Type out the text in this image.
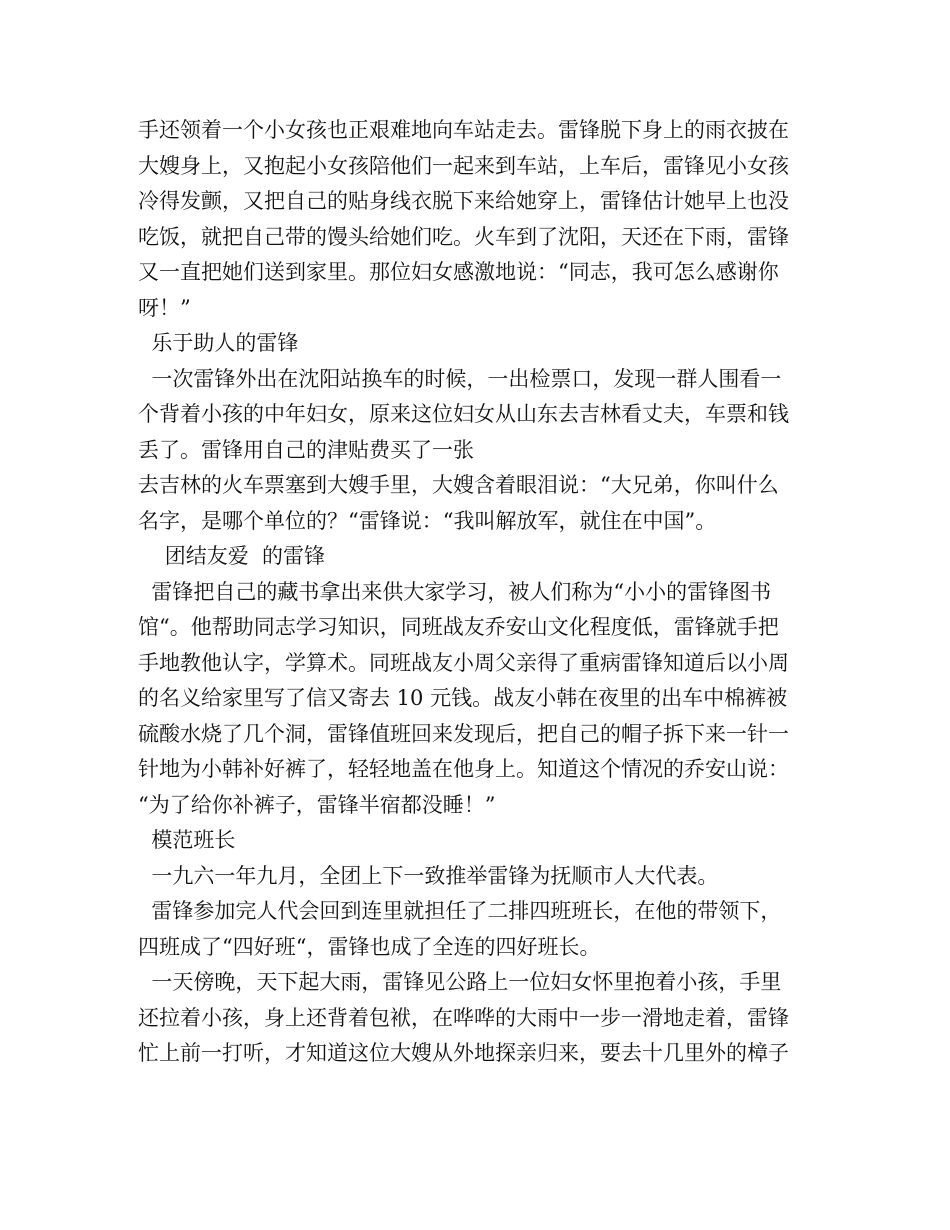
手还领着一个小女孩也正艰难地向车站走去。雷锋脱下身上的雨衣披在
大嫂身上，又抱起小女孩陪他们一起来到车站，上车后，雷锋见小女孩
冷得发颤，又把自己的贴身线衣脱下来给她穿上，雷锋估计她早上也没
吃饭，就把自己带的馒头给她们吃。火车到了沈阳，天还在下雨，雷锋
又一直把她们送到家里。那位妇女感激地说：“同志，我可怎么感谢你
呀！”
乐于助人的雷锋
一次雷锋外出在沈阳站换车的时候，一出检票口，发现一群人围看一
个背着小孩的中年妇女，原来这位妇女从山东去吉林看丈夫，车票和钱
丢了。雷锋用自己的津贴费买了一张
去吉林的火车票塞到大嫂手里，大嫂含着眼泪说：“大兄弟，你叫什么
名字，是哪个单位的？“雷锋说：“我叫解放军，就住在中国”。
团结友爱  的雷锋
雷锋把自己的藏书拿出来供大家学习，被人们称为“小小的雷锋图书
馆“。他帮助同志学习知识，同班战友乔安山文化程度低，雷锋就手把
手地教他认字，学算术。同班战友小周父亲得了重病雷锋知道后以小周
的名义给家里写了信又寄去 10 元钱。战友小韩在夜里的出车中棉裤被
硫酸水烧了几个洞，雷锋值班回来发现后，把自己的帽子拆下来一针一
针地为小韩补好裤了，轻轻地盖在他身上。知道这个情况的乔安山说：
“为了给你补裤子，雷锋半宿都没睡！”
模范班长
一九六一年九月，全团上下一致推举雷锋为抚顺市人大代表。
雷锋参加完人代会回到连里就担任了二排四班班长，在他的带领下，
四班成了“四好班“，雷锋也成了全连的四好班长。
一天傍晚，天下起大雨，雷锋见公路上一位妇女怀里抱着小孩，手里
还拉着小孩，身上还背着包袱，在哗哗的大雨中一步一滑地走着，雷锋
忙上前一打听，才知道这位大嫂从外地探亲归来，要去十几里外的樟子
